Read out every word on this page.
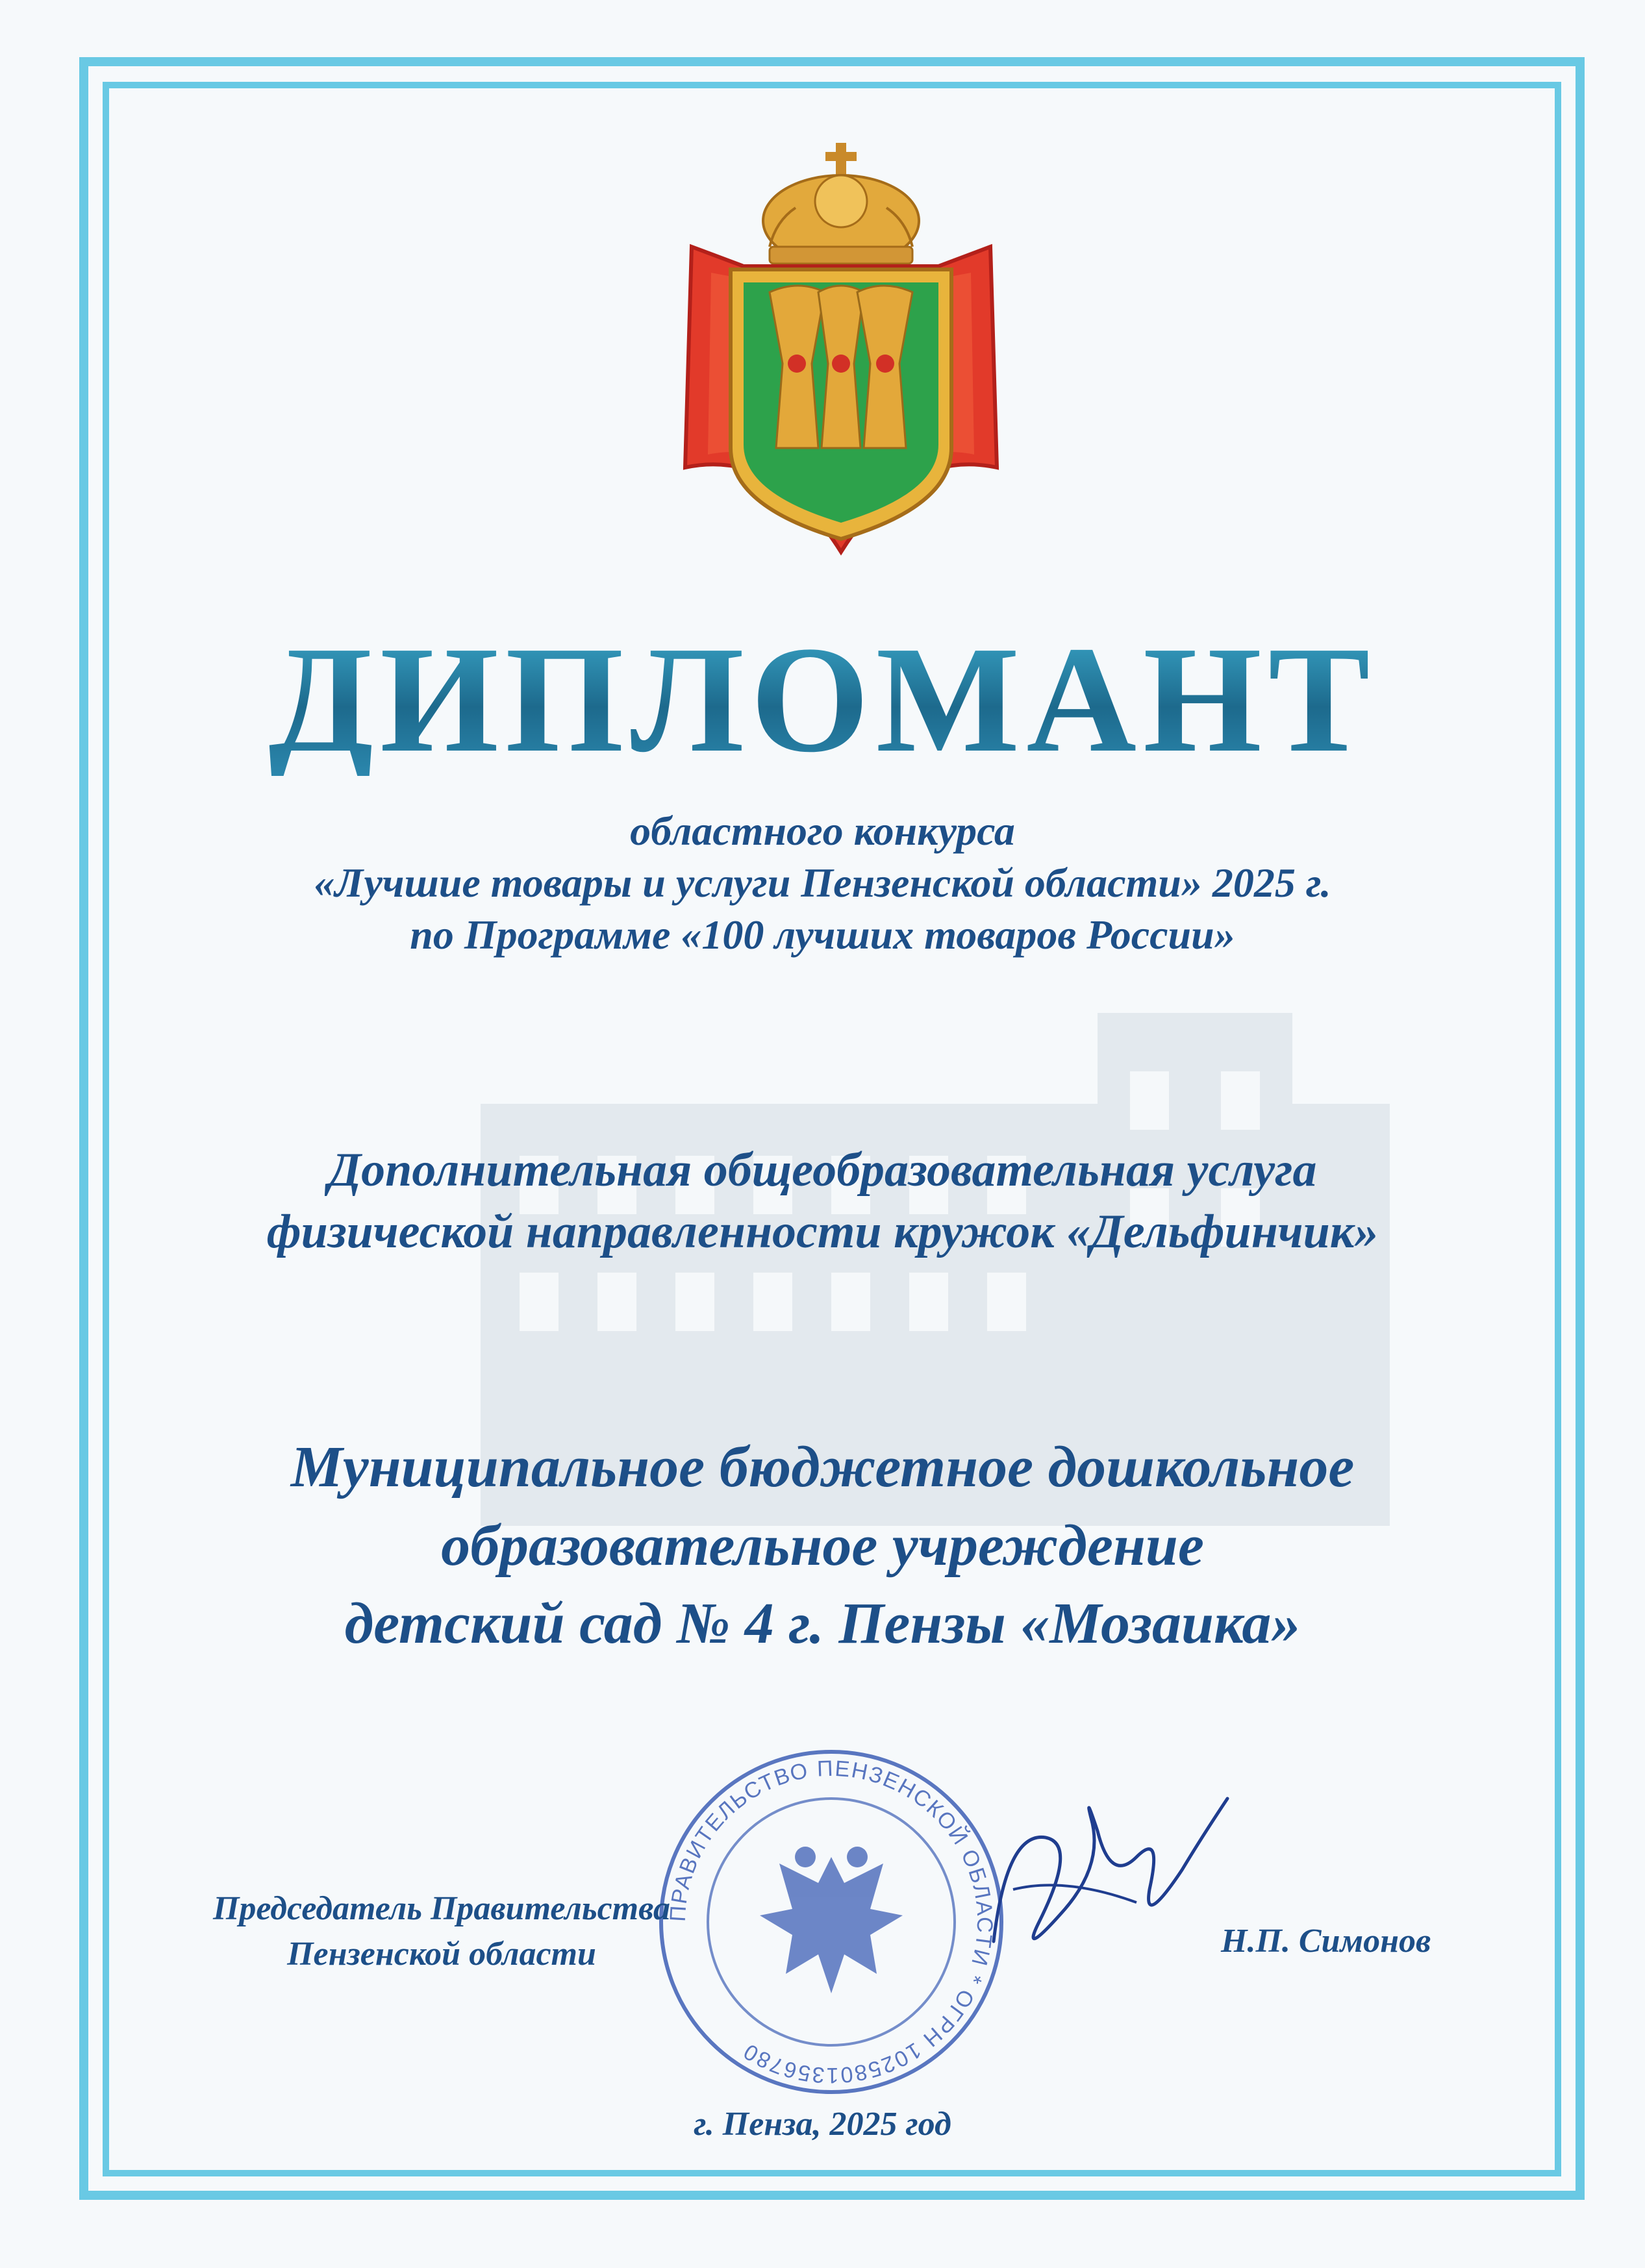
ДИПЛОМАНТ
областного конкурса
«Лучшие товары и услуги Пензенской области» 2025 г.
по Программе «100 лучших товаров России»
Дополнительная общеобразовательная услуга
физической направленности кружок «Дельфинчик»
Муниципальное бюджетное дошкольное
образовательное учреждение
детский сад № 4 г. Пензы «Мозаика»
ПРАВИТЕЛЬСТВО ПЕНЗЕНСКОЙ ОБЛАСТИ * ОГРН 1025801356780
Председатель Правительства
Пензенской области	Н.П. Симонов
г. Пенза, 2025 год
